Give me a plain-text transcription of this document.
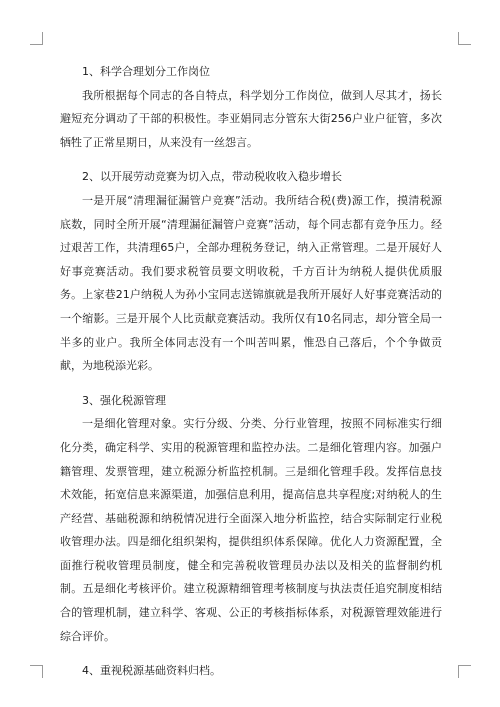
1、科学合理划分工作岗位

我所根据每个同志的各自特点，科学划分工作岗位，做到人尽其才，扬长避短充分调动了干部的积极性。李亚娟同志分管东大街256户业户征管，多次牺牲了正常星期日，从来没有一丝怨言。

2、以开展劳动竞赛为切入点，带动税收收入稳步增长

一是开展“清理漏征漏管户竞赛”活动。我所结合税(费)源工作，摸清税源底数，同时全所开展“清理漏征漏管户竞赛”活动，每个同志都有竞争压力。经过艰苦工作，共清理65户，全部办理税务登记，纳入正常管理。二是开展好人好事竞赛活动。我们要求税管员要文明收税，千方百计为纳税人提供优质服务。上家巷21户纳税人为孙小宝同志送锦旗就是我所开展好人好事竞赛活动的一个缩影。三是开展个人比贡献竞赛活动。我所仅有10名同志，却分管全局一半多的业户。我所全体同志没有一个叫苦叫累，惟恐自己落后，个个争做贡献，为地税添光彩。

3、强化税源管理

一是细化管理对象。实行分级、分类、分行业管理，按照不同标准实行细化分类，确定科学、实用的税源管理和监控办法。二是细化管理内容。加强户籍管理、发票管理，建立税源分析监控机制。三是细化管理手段。发挥信息技术效能，拓宽信息来源渠道，加强信息利用，提高信息共享程度;对纳税人的生产经营、基础税源和纳税情况进行全面深入地分析监控，结合实际制定行业税收管理办法。四是细化组织架构，提供组织体系保障。优化人力资源配置，全面推行税收管理员制度，健全和完善税收管理员办法以及相关的监督制约机制。五是细化考核评价。建立税源精细管理考核制度与执法责任追究制度相结合的管理机制，建立科学、客观、公正的考核指标体系，对税源管理效能进行综合评价。

4、重视税源基础资料归档。
